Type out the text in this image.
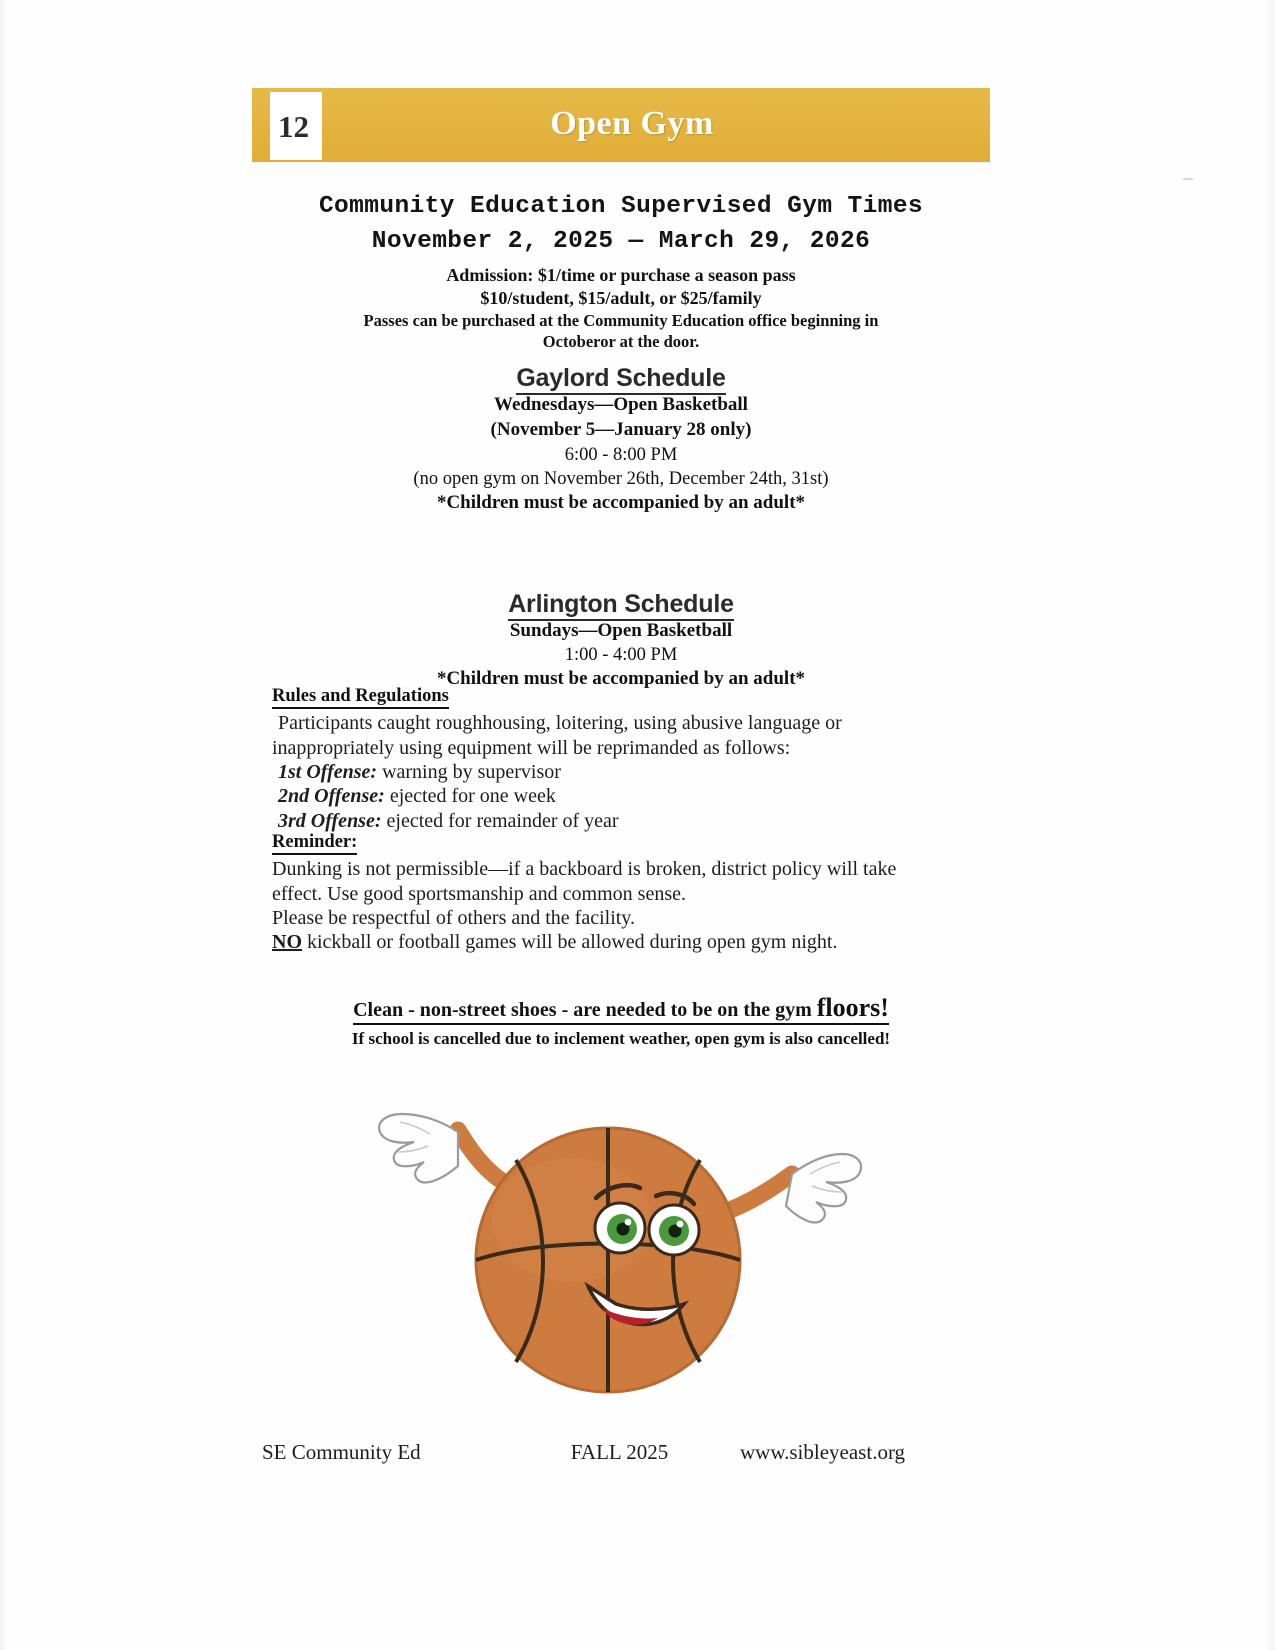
12	Open Gym
Community Education Supervised Gym Times
November 2, 2025 — March 29, 2026
Admission: $1/time or purchase a season pass
$10/student, $15/adult, or $25/family
Passes can be purchased at the Community Education office beginning in
Octoberor at the door.
Gaylord Schedule
Wednesdays—Open Basketball
(November 5—January 28 only)
6:00 - 8:00 PM
(no open gym on November 26th, December 24th, 31st)
*Children must be accompanied by an adult*
Arlington Schedule
Sundays—Open Basketball
1:00 - 4:00 PM
*Children must be accompanied by an adult*
Rules and Regulations
Participants caught roughhousing, loitering, using abusive language or
inappropriately using equipment will be reprimanded as follows:
1st Offense: warning by supervisor
2nd Offense: ejected for one week
3rd Offense: ejected for remainder of year
Reminder:
Dunking is not permissible—if a backboard is broken, district policy will take
effect. Use good sportsmanship and common sense.
Please be respectful of others and the facility.
NO kickball or football games will be allowed during open gym night.
Clean - non-street shoes - are needed to be on the gym floors!
If school is cancelled due to inclement weather, open gym is also cancelled!
SE Community Ed	FALL 2025	www.sibleyeast.org
